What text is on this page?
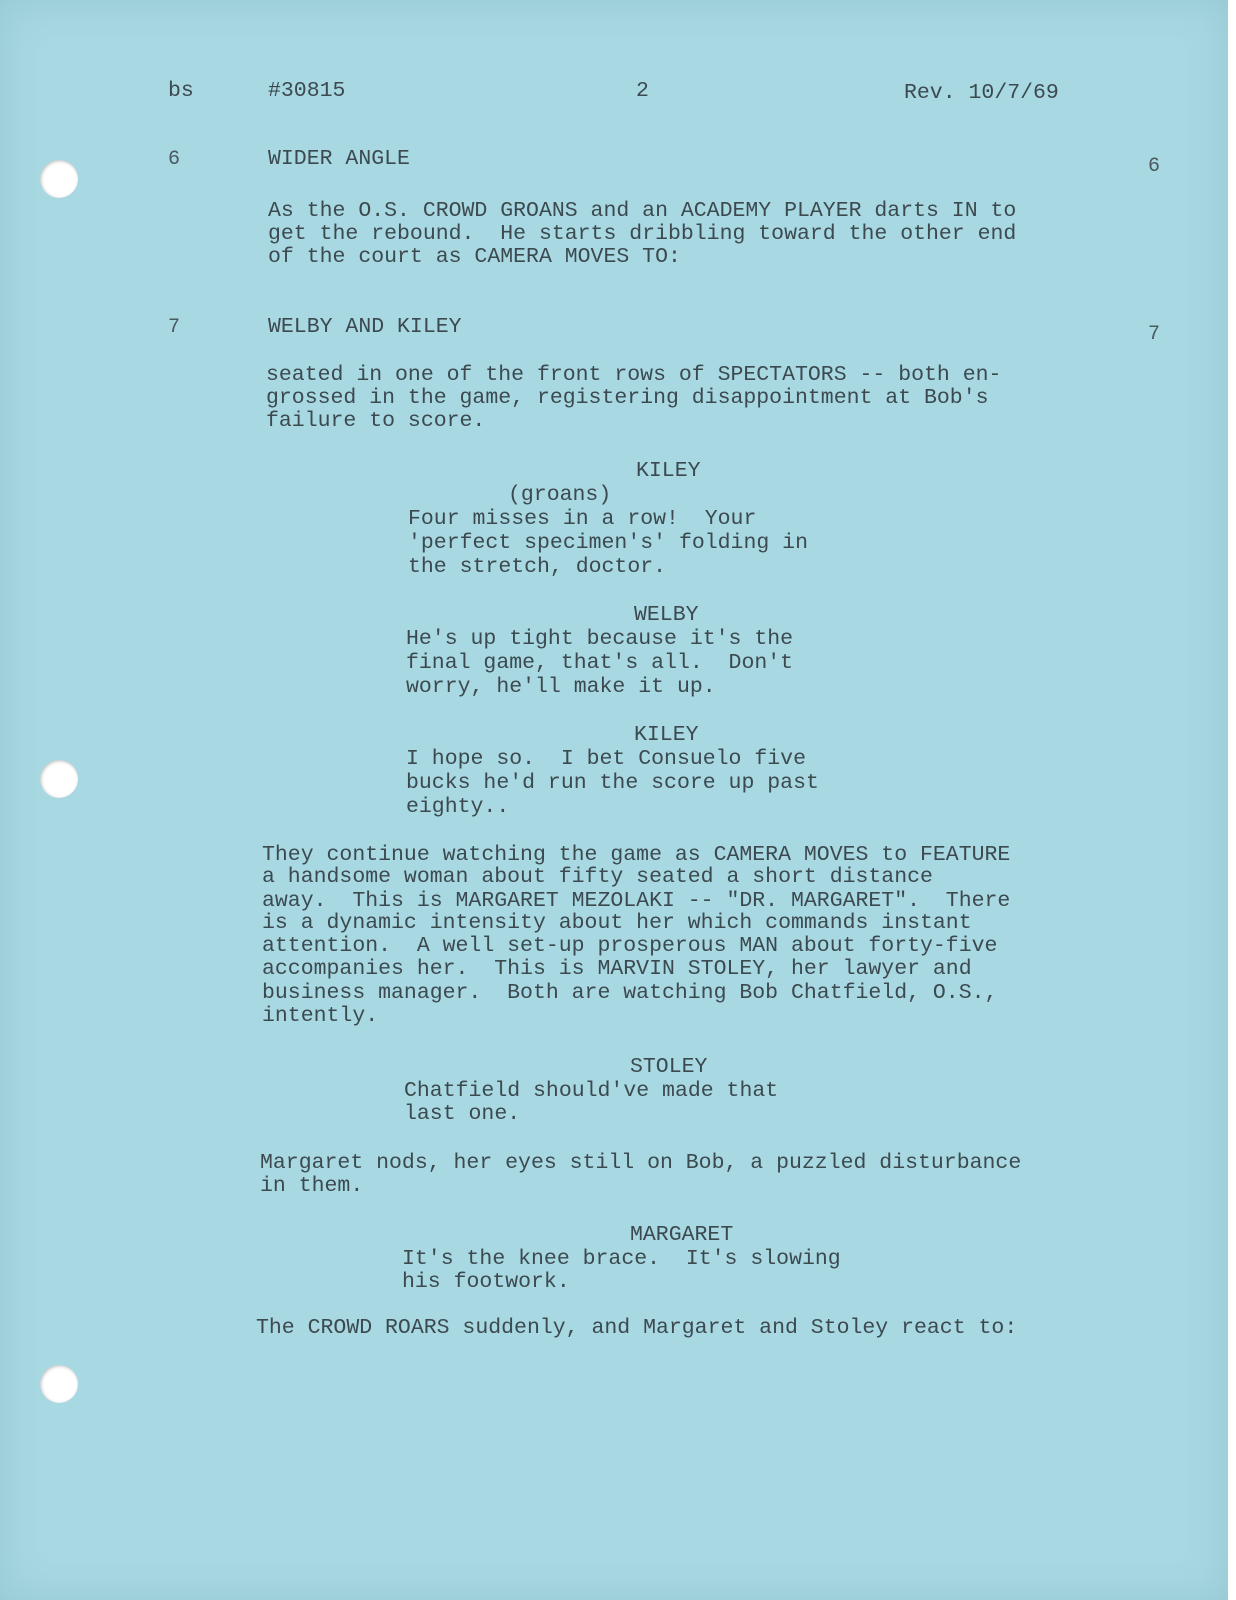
bs	#30815	2	Rev. 10/7/69
6	6
WIDER ANGLE
As the O.S. CROWD GROANS and an ACADEMY PLAYER darts IN to
get the rebound.  He starts dribbling toward the other end
of the court as CAMERA MOVES TO:
7	7
WELBY AND KILEY
seated in one of the front rows of SPECTATORS -- both en-
grossed in the game, registering disappointment at Bob's
failure to score.
KILEY
(groans)
Four misses in a row!  Your
'perfect specimen's' folding in
the stretch, doctor.
WELBY
He's up tight because it's the
final game, that's all.  Don't
worry, he'll make it up.
KILEY
I hope so.  I bet Consuelo five
bucks he'd run the score up past
eighty..
They continue watching the game as CAMERA MOVES to FEATURE
a handsome woman about fifty seated a short distance
away.  This is MARGARET MEZOLAKI -- "DR. MARGARET".  There
is a dynamic intensity about her which commands instant
attention.  A well set-up prosperous MAN about forty-five
accompanies her.  This is MARVIN STOLEY, her lawyer and
business manager.  Both are watching Bob Chatfield, O.S.,
intently.
STOLEY
Chatfield should've made that
last one.
Margaret nods, her eyes still on Bob, a puzzled disturbance
in them.
MARGARET
It's the knee brace.  It's slowing
his footwork.
The CROWD ROARS suddenly, and Margaret and Stoley react to:
